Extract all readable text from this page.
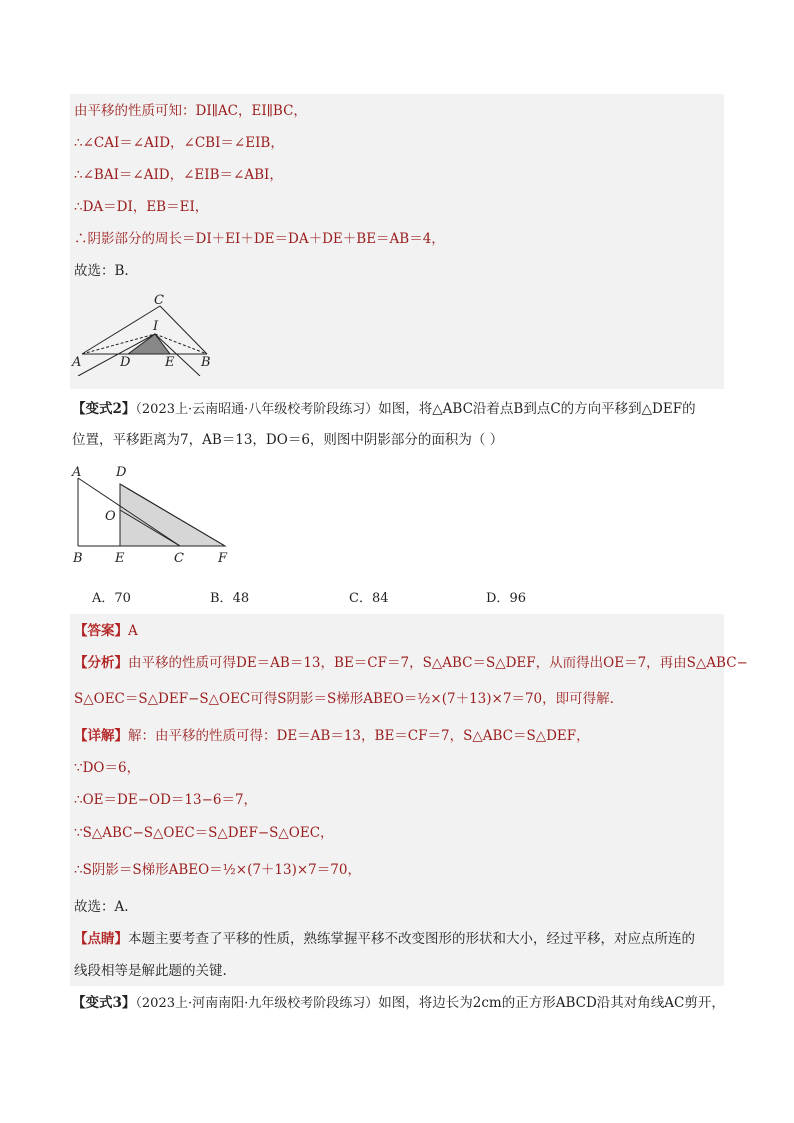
由平移的性质可知：DI∥AC，EI∥BC，
∴∠CAI＝∠AID，∠CBI＝∠EIB，
∴∠BAI＝∠AID，∠EIB＝∠ABI，
∴DA＝DI，EB＝EI，
∴阴影部分的周长＝DI＋EI＋DE＝DA＋DE＋BE＝AB＝4，
故选：B.
C
I
A	D	E B
【变式2】（2023上·云南昭通·八年级校考阶段练习）如图，将△ABC沿着点B到点C的方向平移到△DEF的
位置，平移距离为7，AB＝13，DO＝6，则图中阴影部分的面积为（ ）
A	D
O
B E	C	F
A．70	B．48	C．84	D．96
【答案】A
【分析】由平移的性质可得DE＝AB＝13，BE＝CF＝7，S△ABC＝S△DEF，从而得出OE＝7，再由S△ABC−
S△OEC＝S△DEF−S△OEC可得S阴影＝S梯形ABEO＝½×(7＋13)×7＝70，即可得解.
【详解】解：由平移的性质可得：DE＝AB＝13，BE＝CF＝7，S△ABC＝S△DEF，
∵DO＝6，
∴OE＝DE−OD＝13−6＝7，
∵S△ABC−S△OEC＝S△DEF−S△OEC，
∴S阴影＝S梯形ABEO＝½×(7＋13)×7＝70，
故选：A.
【点睛】本题主要考查了平移的性质，熟练掌握平移不改变图形的形状和大小，经过平移，对应点所连的
线段相等是解此题的关键.
【变式3】（2023上·河南南阳·九年级校考阶段练习）如图，将边长为2cm的正方形ABCD沿其对角线AC剪开，
